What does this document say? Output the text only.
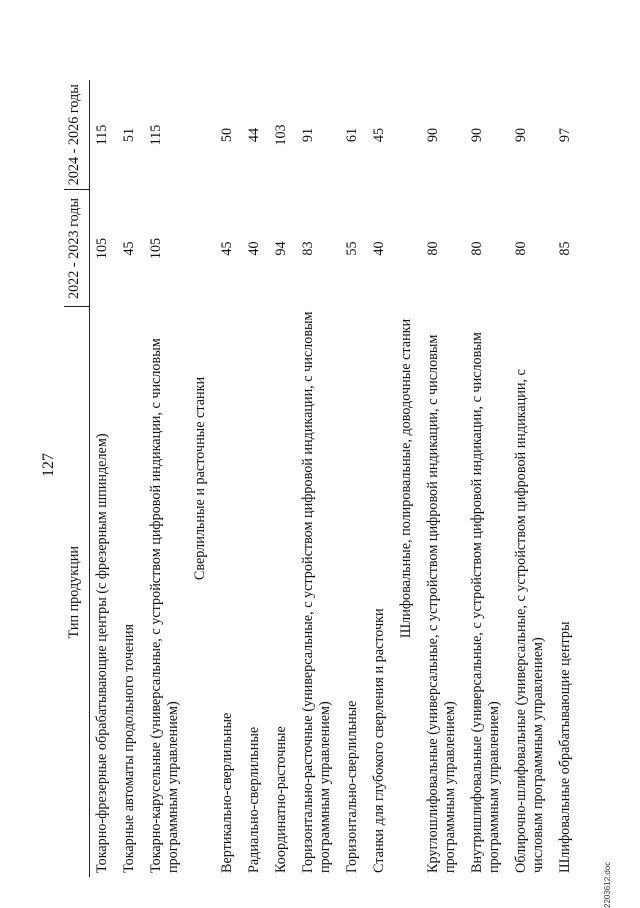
127
Тип продукции	2022 - 2023 годы	2024 - 2026 годы
Токарно-фрезерные обрабатывающие центры (с фрезерным шпинделем)	105	115
Токарные автоматы продольного точения	45	51
Токарно-карусельные (универсальные, с устройством цифровой индикации, с числовым программным управлением)	105	115
Сверлильные и расточные станки		
Вертикально-сверлильные	45	50
Радиально-сверлильные	40	44
Координатно-расточные	94	103
Горизонтально-расточные (универсальные, с устройством цифровой индикации, с числовым программным управлением)	83	91
Горизонтально-сверлильные	55	61
Станки для глубокого сверления и расточки	40	45
Шлифовальные, полировальные, доводочные станки		
Круглошлифовальные (универсальные, с устройством цифровой индикации, с числовым программным управлением)	80	90
Внутришлифовальные (универсальные, с устройством цифровой индикации, с числовым программным управлением)	80	90
Облирочно-шлифовальные (универсальные, с устройством цифровой индикации, с числовым программным управлением)	80	90
Шлифовальные обрабатывающие центры	85	97
2203612.doc
